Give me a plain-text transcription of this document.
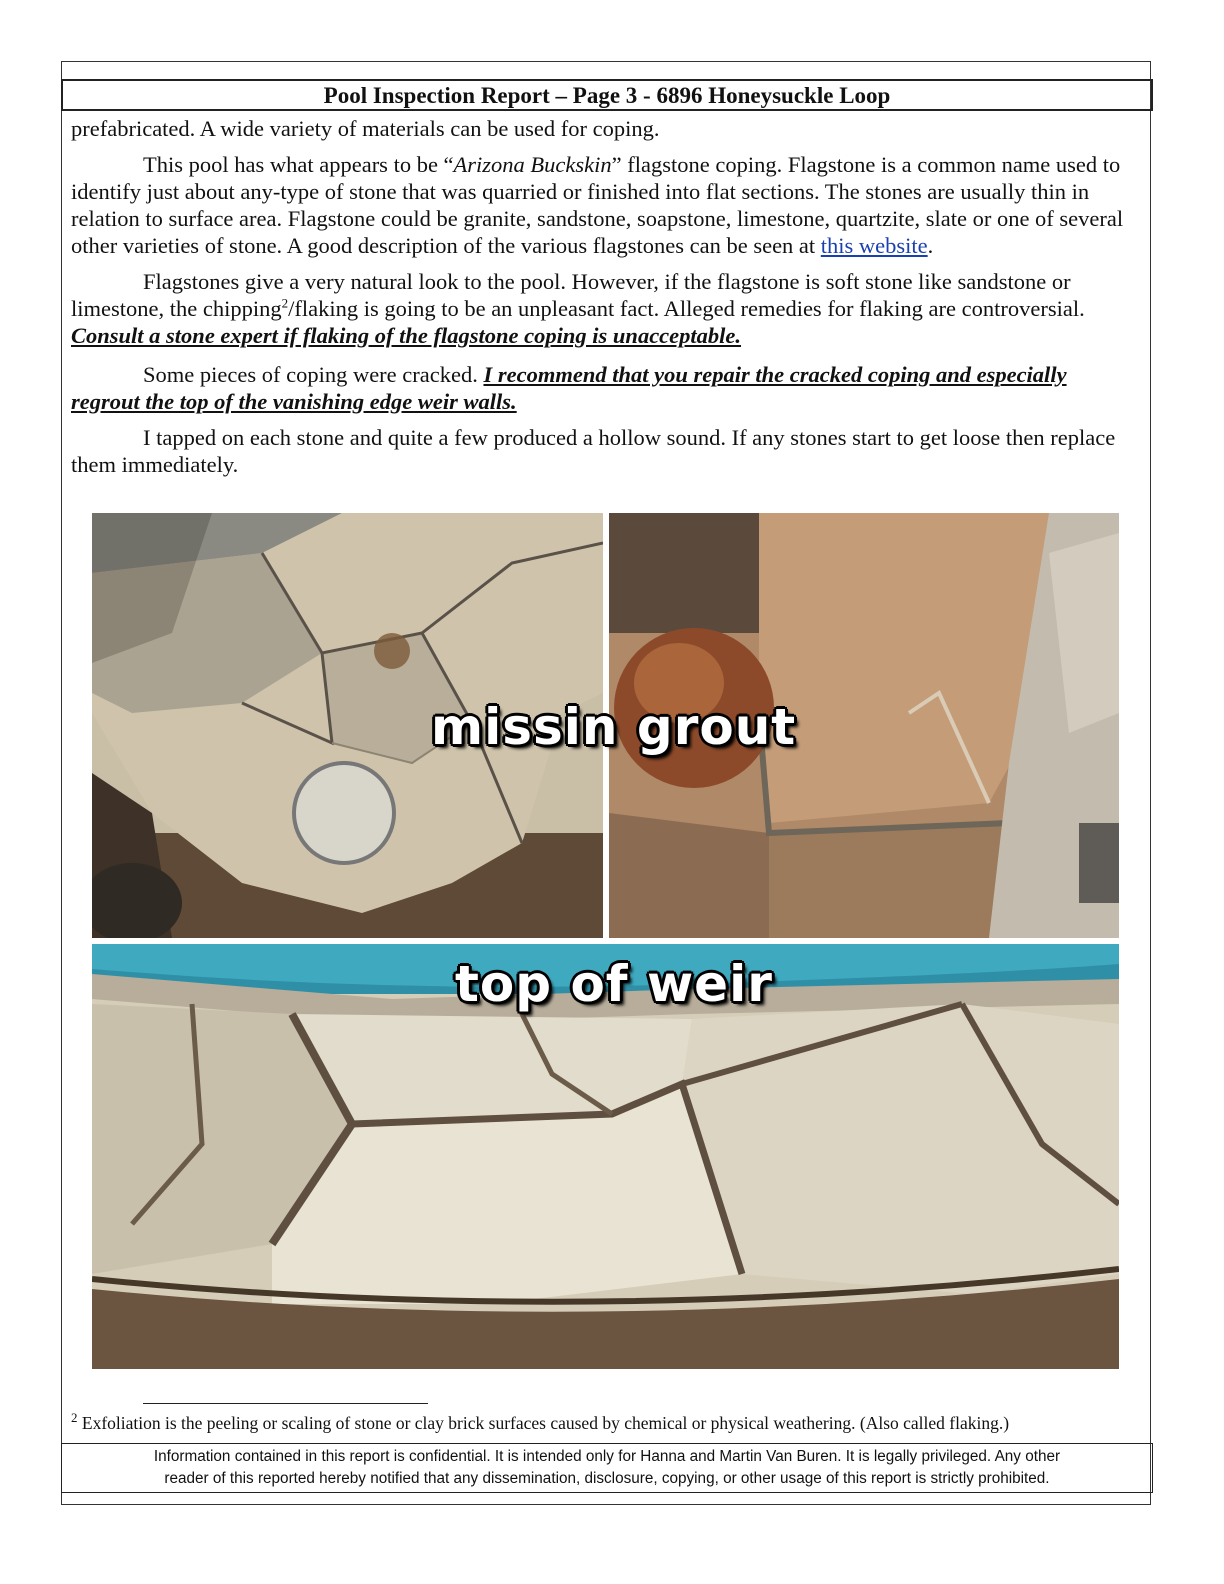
Pool Inspection Report – Page 3 - 6896 Honeysuckle Loop

prefabricated. A wide variety of materials can be used for coping.

This pool has what appears to be “Arizona Buckskin” flagstone coping. Flagstone is a common name used to identify just about any-type of stone that was quarried or finished into flat sections. The stones are usually thin in relation to surface area. Flagstone could be granite, sandstone, soapstone, limestone, quartzite, slate or one of several other varieties of stone. A good description of the various flagstones can be seen at this website.

Flagstones give a very natural look to the pool. However, if the flagstone is soft stone like sandstone or limestone, the chipping$^2$/flaking is going to be an unpleasant fact. Alleged remedies for flaking are controversial. Consult a stone expert if flaking of the flagstone coping is unacceptable.

Some pieces of coping were cracked. I recommend that you repair the cracked coping and especially regrout the top of the vanishing edge weir walls.

I tapped on each stone and quite a few produced a hollow sound. If any stones start to get loose then replace them immediately.

missin grout
top of weir
$^2$ Exfoliation is the peeling or scaling of stone or clay brick surfaces caused by chemical or physical weathering. (Also called flaking.)
Information contained in this report is confidential. It is intended only for Hanna and Martin Van Buren. It is legally privileged. Any other
reader of this reported hereby notified that any dissemination, disclosure, copying, or other usage of this report is strictly prohibited.
